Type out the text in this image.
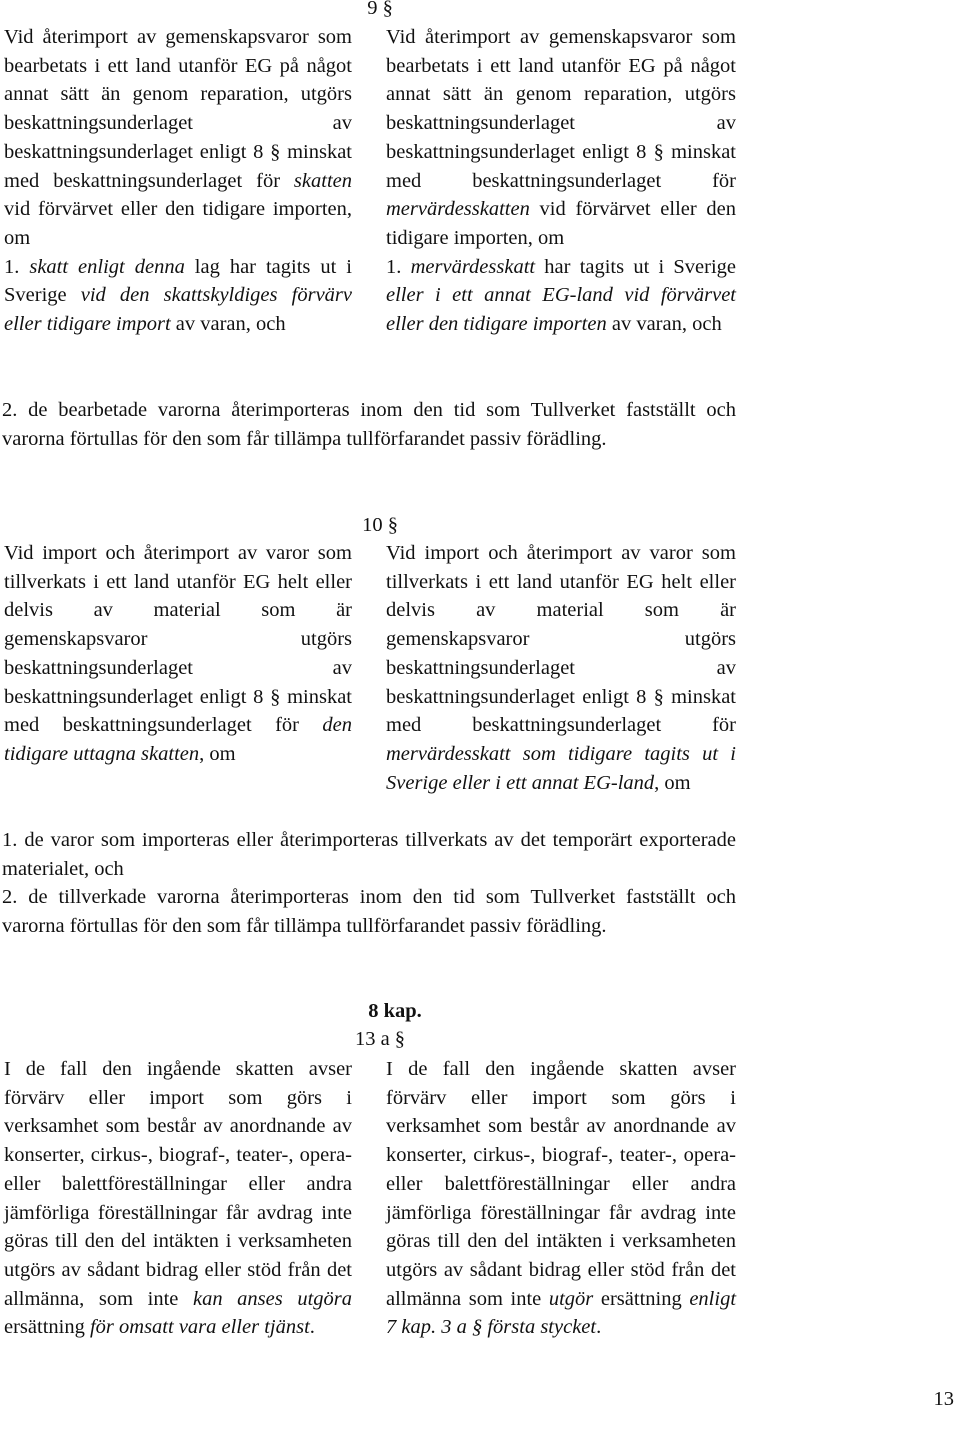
9 §
Vid återimport av gemenskapsvaror som bearbetats i ett land utanför EG på något annat sätt än genom reparation, utgörs beskattningsunderlaget av beskattningsunderlaget enligt 8 § minskat med beskattningsunderlaget för skatten vid förvärvet eller den tidigare importen, om
1. skatt enligt denna lag har tagits ut i Sverige vid den skattskyldiges förvärv eller tidigare import av varan, och
Vid återimport av gemenskapsvaror som bearbetats i ett land utanför EG på något annat sätt än genom reparation, utgörs beskattningsunderlaget av beskattningsunderlaget enligt 8 § minskat med beskattningsunderlaget för mervärdesskatten vid förvärvet eller den tidigare importen, om
1. mervärdesskatt har tagits ut i Sverige eller i ett annat EG-land vid förvärvet eller den tidigare importen av varan, och
2. de bearbetade varorna återimporteras inom den tid som Tullverket fastställt och varorna förtullas för den som får tillämpa tullförfarandet passiv förädling.
10 §
Vid import och återimport av varor som tillverkats i ett land utanför EG helt eller delvis av material som är gemenskapsvaror utgörs beskattningsunderlaget av beskattningsunderlaget enligt 8 § minskat med beskattningsunderlaget för den tidigare uttagna skatten, om
Vid import och återimport av varor som tillverkats i ett land utanför EG helt eller delvis av material som är gemenskapsvaror utgörs beskattningsunderlaget av beskattningsunderlaget enligt 8 § minskat med beskattningsunderlaget för mervärdesskatt som tidigare tagits ut i Sverige eller i ett annat EG-land, om
1. de varor som importeras eller återimporteras tillverkats av det temporärt exporterade materialet, och
2. de tillverkade varorna återimporteras inom den tid som Tullverket fastställt och varorna förtullas för den som får tillämpa tullförfarandet passiv förädling.
8 kap.
13 a §
I de fall den ingående skatten avser förvärv eller import som görs i verksamhet som består av anordnande av konserter, cirkus-, biograf-, teater-, opera- eller balettföreställningar eller andra jämförliga föreställningar får avdrag inte göras till den del intäkten i verksamheten utgörs av sådant bidrag eller stöd från det allmänna, som inte kan anses utgöra ersättning för omsatt vara eller tjänst.
I de fall den ingående skatten avser förvärv eller import som görs i verksamhet som består av anordnande av konserter, cirkus-, biograf-, teater-, opera- eller balettföreställningar eller andra jämförliga föreställningar får avdrag inte göras till den del intäkten i verksamheten utgörs av sådant bidrag eller stöd från det allmänna som inte utgör ersättning enligt 7 kap. 3 a § första stycket.
13
